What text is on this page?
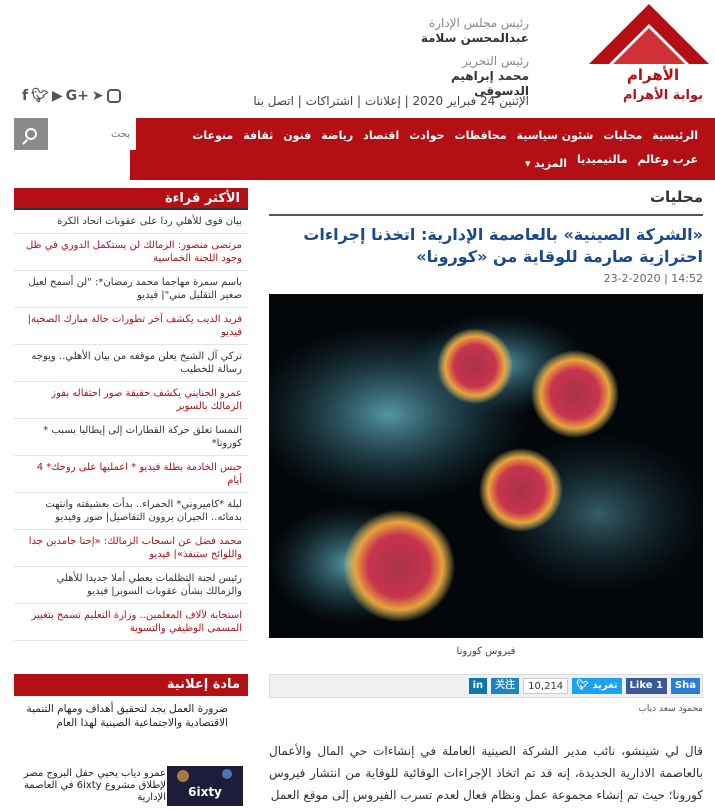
الأهرام
بوابة الأهرام
رئيس مجلس الإدارة
عبدالمحسن سلامة
رئيس التحرير
محمد إبراهيم
الدسوقى
الإثنين 24 فبراير 2020 | إعلانات | اشتراكات | اتصل بنا
f 🐦︎ ▶ G+ ➤
الرئيسية
محليات
شئون سياسية
محافظات
حوادث
اقتصاد
رياضة
فنون
ثقافة
منوعات
عرب وعالم
مالتيميديا
المزيد ▾
بحث
محليات
«الشركة الصينية» بالعاصمة الإدارية: اتخذنا إجراءات احترازية صارمة للوقاية من «كورونا»
23-2-2020 | 14:52
فيروس كورونا
in	关注	10,214	🐦︎ تغريد	Like 1	Sha
محمود سعد دياب
قال لي شينشو، نائب مدير الشركة الصينية العاملة في إنشاءات حي المال والأعمال بالعاصمة الادارية الجديدة، إنه قد تم اتخاذ الإجراءات الوقائية للوقاية من انتشار فيروس كورونا؛ حيث تم إنشاء مجموعة عمل ونظام فعال لعدم تسرب الفيروس إلى موقع العمل
الأكثر قراءة
بيان قوى للأهلي ردا على عقوبات اتحاد الكرة
مرتضى منصور: الزمالك لن يستكمل الدوري في ظل وجود اللجنة الخماسية
باسم سمرة مهاجما محمد رمضان*: "لن أسمح لعيل صغير التقليل مني"| فيديو
فريد الديب يكشف آخر تطورات حالة مبارك الصحية| فيديو
تركي آل الشيخ يعلن موقفه من بيان الأهلي.. ويوجه رسالة للخطيب
عمرو الجنايني يكشف حقيقة صور احتفاله بفوز الزمالك بالسوبر
النمسا تعلق حركة القطارات إلى إيطاليا بسبب * كورونا*
حبس الخادمة بطلة فيديو * اعمليها على روحك* 4 أيام
ليلة *كاميروني* الحمراء.. بدأت بعشيقته وانتهت بدمائه.. الجيران يروون التفاصيل| صور وفيديو
محمد فضل عن انسحاب الزمالك: «إحنا جامدين جدا واللوائح ستنفذ»| فيديو
رئيس لجنة التظلمات يعطي أملا جديدا للأهلي والزمالك بشأن عقوبات السوبر| فيديو
استجابة لآلاف المعلمين.. وزارة التعليم تسمح بتغيير المسمى الوظيفي والتسوية
مادة إعلانية
ضرورة العمل يجد لتحقيق أهداف ومهام التنمية الاقتصادية والاجتماعية الصينية لهذا العام
6ixty
عمرو دياب يحيي حفل البروج مصر لإطلاق مشروع 6ixty في العاصمة الإدارية
